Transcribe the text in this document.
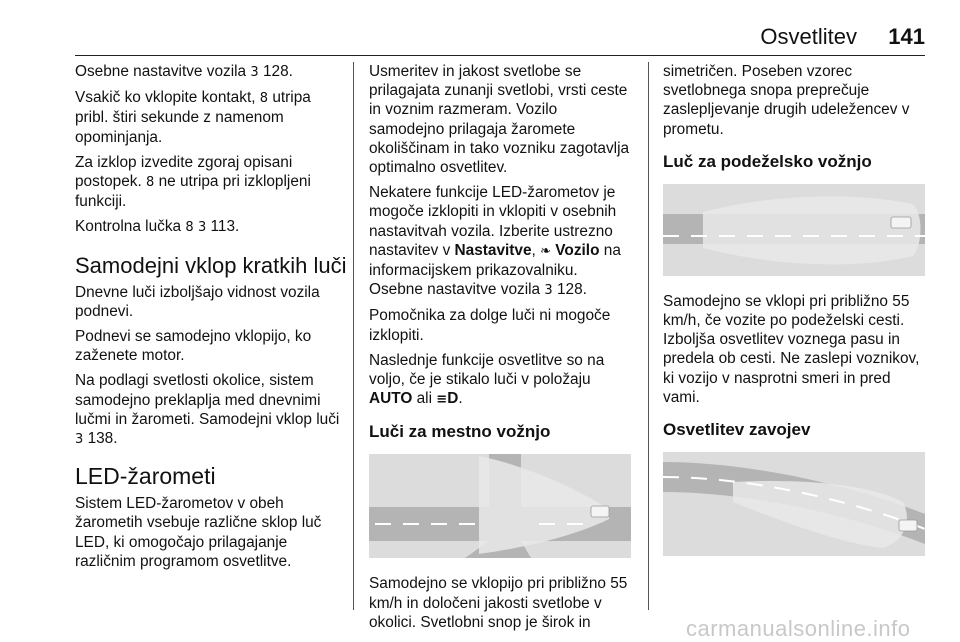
Osvetlitev 141

Osebne nastavitve vozila 3 128.

Vsakič ko vklopite kontakt, 8 utripa pribl. štiri sekunde z namenom opominjanja.

Za izklop izvedite zgoraj opisani postopek. 8 ne utripa pri izklopljeni funkciji.

Kontrolna lučka 8 3 113.

Samodejni vklop kratkih luči

Dnevne luči izboljšajo vidnost vozila podnevi.

Podnevi se samodejno vklopijo, ko zaženete motor.

Na podlagi svetlosti okolice, sistem samodejno preklaplja med dnevnimi lučmi in žarometi. Samodejni vklop luči 3 138.

LED-žarometi

Sistem LED-žarometov v obeh žarometih vsebuje različne sklop luč LED, ki omogočajo prilagajanje različnim programom osvetlitve.

Usmeritev in jakost svetlobe se prilagajata zunanji svetlobi, vrsti ceste in voznim razmeram. Vozilo samodejno prilagaja žaromete okoliščinam in tako vozniku zagotavlja optimalno osvetlitev.

Nekatere funkcije LED-žarometov je mogoče izklopiti in vklopiti v osebnih nastavitvah vozila. Izberite ustrezno nastavitev v Nastavitve, ❧ Vozilo na informacijskem prikazovalniku. Osebne nastavitve vozila 3 128.

Pomočnika za dolge luči ni mogoče izklopiti.

Naslednje funkcije osvetlitve so na voljo, če je stikalo luči v položaju AUTO ali ≡D.

Luči za mestno vožnjo

Samodejno se vklopijo pri približno 55 km/h in določeni jakosti svetlobe v okolici. Svetlobni snop je širok in

simetričen. Poseben vzorec svetlobnega snopa preprečuje zaslepljevanje drugih udeležencev v prometu.

Luč za podeželsko vožnjo

Samodejno se vklopi pri približno 55 km/h, če vozite po podeželski cesti. Izboljša osvetlitev voznega pasu in predela ob cesti. Ne zaslepi voznikov, ki vozijo v nasprotni smeri in pred vami.

Osvetlitev zavojev
carmanualsonline.info
